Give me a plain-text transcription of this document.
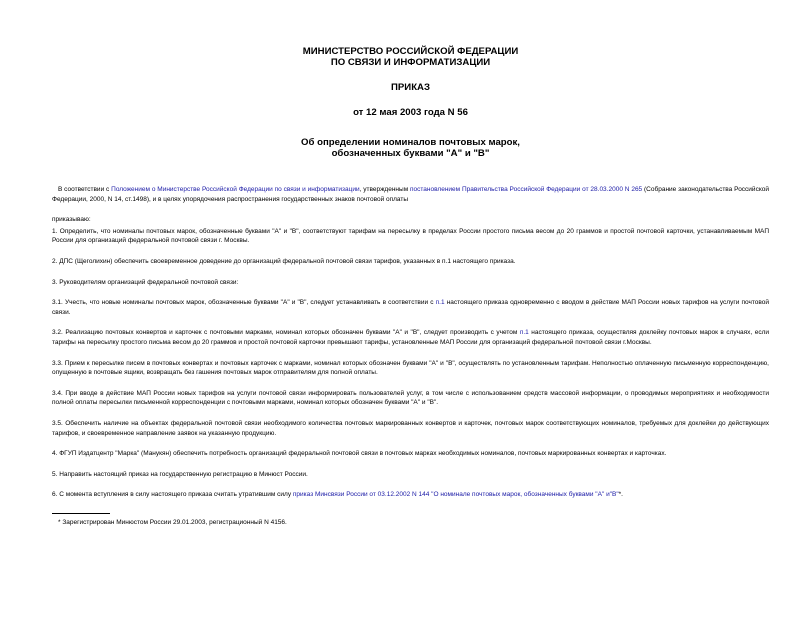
МИНИСТЕРСТВО РОССИЙСКОЙ ФЕДЕРАЦИИ
ПО СВЯЗИ И ИНФОРМАТИЗАЦИИ
ПРИКАЗ
от 12 мая 2003 года N 56
Об определении номиналов почтовых марок,
обозначенных буквами "А" и "В"

В соответствии с Положением о Министерстве Российской Федерации по связи и информатизации, утвержденным постановлением Правительства Российской Федерации от 28.03.2000 N 265 (Собрание законодательства Российской Федерации, 2000, N 14, ст.1498), и в целях упорядочения распространения государственных знаков почтовой оплаты

приказываю:

1. Определить, что номиналы почтовых марок, обозначенные буквами "А" и "В", соответствуют тарифам на пересылку в пределах России простого письма весом до 20 граммов и простой почтовой карточки, устанавливаемым МАП России для организаций федеральной почтовой связи г. Москвы.

2. ДПС (Щеголихин) обеспечить своевременное доведение до организаций федеральной почтовой связи тарифов, указанных в п.1 настоящего приказа.

3. Руководителям организаций федеральной почтовой связи:

3.1. Учесть, что новые номиналы почтовых марок, обозначенные буквами "А" и "В", следует устанавливать в соответствии с п.1 настоящего приказа одновременно с вводом в действие МАП России новых тарифов на услуги почтовой связи.

3.2. Реализацию почтовых конвертов и карточек с почтовыми марками, номинал которых обозначен буквами "А" и "В", следует производить с учетом п.1 настоящего приказа, осуществляя доклейку почтовых марок в случаях, если тарифы на пересылку простого письма весом до 20 граммов и простой почтовой карточки превышают тарифы, установленные МАП России для организаций федеральной почтовой связи г.Москвы.

3.3. Прием к пересылке писем в почтовых конвертах и почтовых карточек с марками, номинал которых обозначен буквами "А" и "В", осуществлять по установленным тарифам. Неполностью оплаченную письменную корреспонденцию, опущенную в почтовые ящики, возвращать без гашения почтовых марок отправителям для полной оплаты.

3.4. При вводе в действие МАП России новых тарифов на услуги почтовой связи информировать пользователей услуг, в том числе с использованием средств массовой информации, о проводимых мероприятиях и необходимости полной оплаты пересылки письменной корреспонденции с почтовыми марками, номинал которых обозначен буквами "А" и "В".

3.5. Обеспечить наличие на объектах федеральной почтовой связи необходимого количества почтовых маркированных конвертов и карточек, почтовых марок соответствующих номиналов, требуемых для доклейки до действующих тарифов, и своевременное направление заявок на указанную продукцию.

4. ФГУП Издатцентр "Марка" (Манукян) обеспечить потребность организаций федеральной почтовой связи в почтовых марках необходимых номиналов, почтовых маркированных конвертах и карточках.

5. Направить настоящий приказ на государственную регистрацию в Минюст России.

6. С момента вступления в силу настоящего приказа считать утратившим силу приказ Минсвязи России от 03.12.2002 N 144 "О номинале почтовых марок, обозначенных буквами "А" и"В"*.

* Зарегистрирован Минюстом России 29.01.2003, регистрационный N 4156.
